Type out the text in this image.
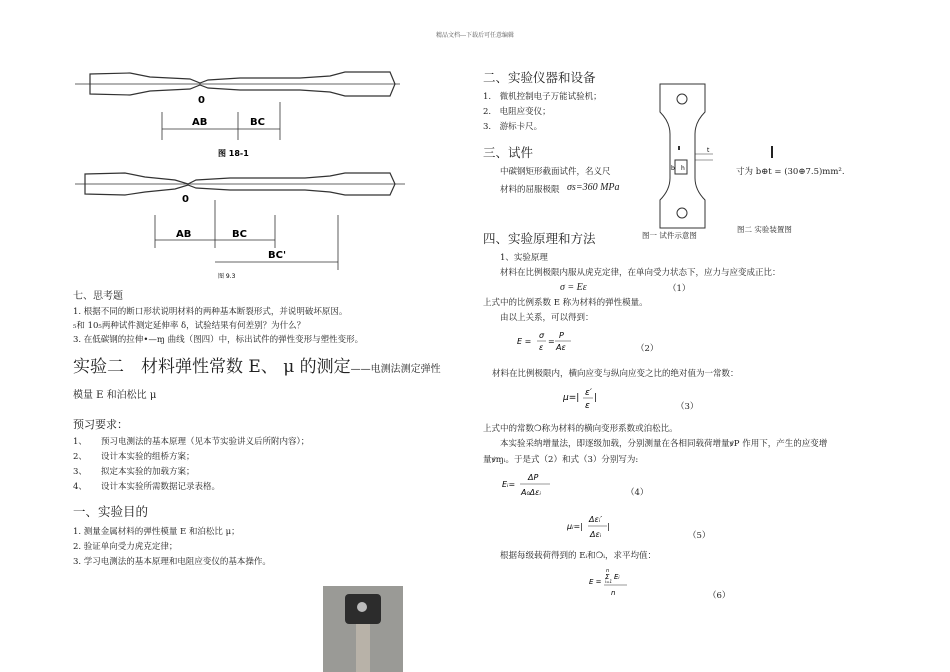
精品文档---下载后可任意编辑
0
AB	BC
图 18-1
0
AB	BC
BC'
图 9.3
七、思考题
1. 根据不同的断口形状说明材料的两种基本断裂形式，并说明破坏原因。
₅和 10₅两种试件测定延伸率 δ，试验结果有何差别？为什么？
3. 在低碳钢的拉伸•—ɱ 曲线（图四）中，标出试件的弹性变形与塑性变形。
实验二　材料弹性常数 E、 μ 的测定——电测法测定弹性
模量 E 和泊松比 μ
预习要求：
1、 预习电测法的基本原理（见本节实验讲义后所附内容）；
2、 设计本实验的组桥方案；
3、 拟定本实验的加载方案；
4、 设计本实验所需数据记录表格。
一、实验目的
1. 测量金属材料的弹性模量 E 和泊松比 μ；
2. 验证单向受力虎克定律；
3. 学习电测法的基本原理和电阻应变仪的基本操作。
二、实验仪器和设备
1.　微机控制电子万能试验机；
2.　电阻应变仪；
3.　游标卡尺。
三、试件
中碳钢矩形截面试件，名义尺	寸为 b⊕t = (30⊕7.5)mm².
材料的屈服极限 σs=360 MPa
t
b h
图一 试件示意图
图二 实验装置图
四、实验原理和方法
1、实验原理
材料在比例极限内服从虎克定律，在单向受力状态下，应力与应变成正比：
σ = Eε	（1）
上式中的比例系数 E 称为材料的弹性模量。
由以上关系，可以得到：
E =
σ
ε
=
P
Aε	（2）
材料在比例极限内，横向应变与纵向应变之比的绝对值为一常数：
μ=| ε′
ε
|
（3）
上式中的常数❍称为材料的横向变形系数或泊松比。
本实验采纳增量法，即逐级加载，分别测量在各相同载荷增量ꝟP 作用下，产生的应变增
量ꝟɱᵢ。于是式（2）和式（3）分别写为:
Eᵢ=
ΔP
A₀Δεᵢ	（4）
μᵢ=|
Δεᵢ′
Δεᵢ
|
（5）
根据每级载荷得到的 Eᵢ和❍ᵢ，求平均值：
E =
n
Σ Eᵢ
i=1
n	（6）
